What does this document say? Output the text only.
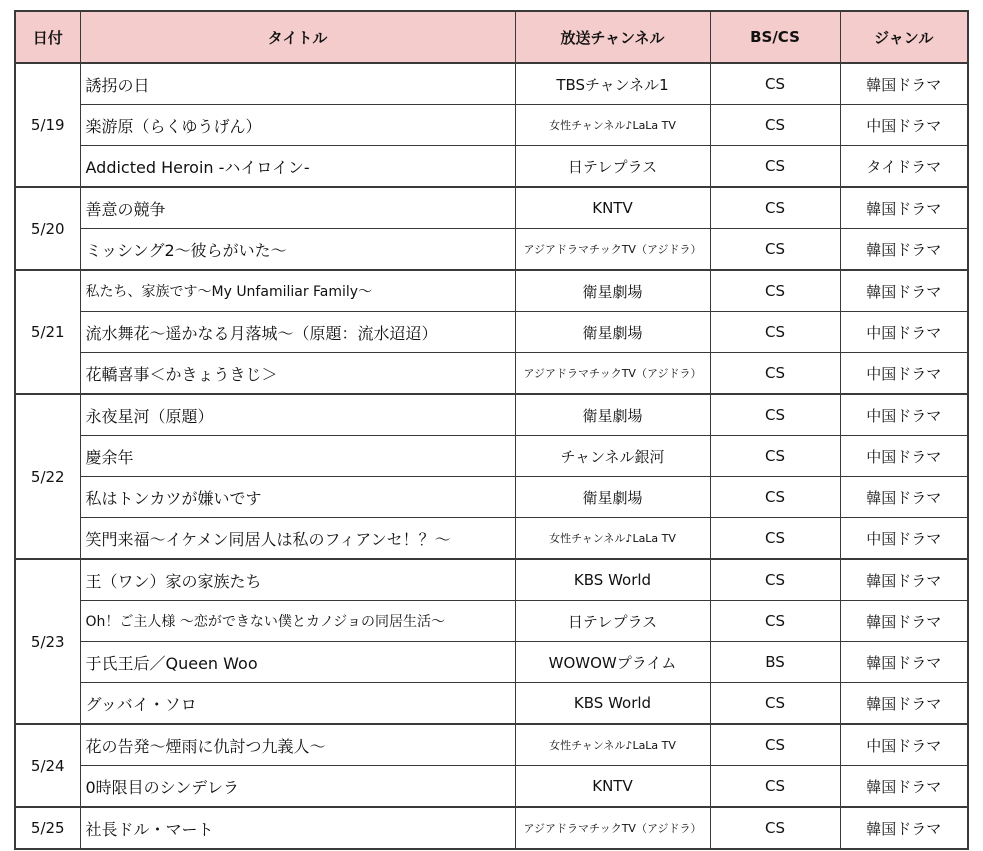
日付	タイトル	放送チャンネル	BS/CS	ジャンル
5/19	誘拐の日	TBSチャンネル1	CS	韓国ドラマ
	楽游原（らくゆうげん）	女性チャンネル♪LaLa TV	CS	中国ドラマ
	Addicted Heroin -ハイロイン-	日テレプラス	CS	タイドラマ
5/20	善意の競争	KNTV	CS	韓国ドラマ
	ミッシング2～彼らがいた～	アジアドラマチックTV（アジドラ）	CS	韓国ドラマ
5/21	私たち、家族です～My Unfamiliar Family～	衛星劇場	CS	韓国ドラマ
	流水舞花～遥かなる月落城～（原題：流水迢迢）	衛星劇場	CS	中国ドラマ
	花轎喜事＜かきょうきじ＞	アジアドラマチックTV（アジドラ）	CS	中国ドラマ
5/22	永夜星河（原題）	衛星劇場	CS	中国ドラマ
	慶余年	チャンネル銀河	CS	中国ドラマ
	私はトンカツが嫌いです	衛星劇場	CS	韓国ドラマ
	笑門来福～イケメン同居人は私のフィアンセ！？～	女性チャンネル♪LaLa TV	CS	中国ドラマ
5/23	王（ワン）家の家族たち	KBS World	CS	韓国ドラマ
	Oh！ご主人様 ～恋ができない僕とカノジョの同居生活～	日テレプラス	CS	韓国ドラマ
	于氏王后／Queen Woo	WOWOWプライム	BS	韓国ドラマ
	グッバイ・ソロ	KBS World	CS	韓国ドラマ
5/24	花の告発～煙雨に仇討つ九義人～	女性チャンネル♪LaLa TV	CS	中国ドラマ
	0時限目のシンデレラ	KNTV	CS	韓国ドラマ
5/25	社長ドル・マート	アジアドラマチックTV（アジドラ）	CS	韓国ドラマ
